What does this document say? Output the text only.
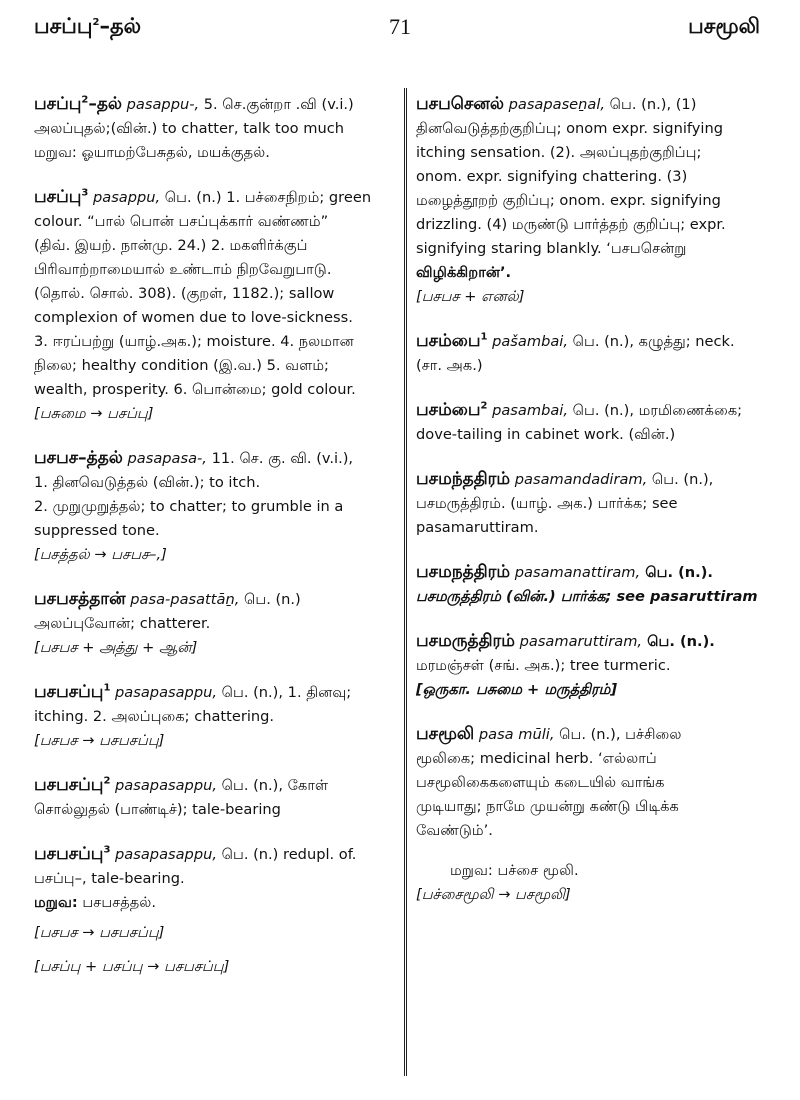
பசப்பு$^2$–தல்	71	பசமூலி

பசப்பு$^2$–தல் pasappu-, 5. செ.குன்றா .வி (v.i.)

அலப்புதல்;(வின்.) to chatter, talk too much

மறுவ: ஓயாமற்பேசுதல், மயக்குதல்.

பசப்பு$^3$ pasappu, பெ. (n.) 1. பச்சைநிறம்; green

colour. “பால் பொன் பசப்புக்கார் வண்ணம்”

(திவ். இயற். நான்மு. 24.) 2. மகளிர்க்குப்

பிரிவாற்றாமையால் உண்டாம் நிறவேறுபாடு.

(தொல். சொல். 308). (குறள், 1182.); sallow

complexion of women due to love-sickness.

3. ஈரப்பற்று (யாழ்.அக.); moisture. 4. நலமான

நிலை; healthy condition (இ.வ.) 5. வளம்;

wealth, prosperity. 6. பொன்மை; gold colour.

[பசுமை → பசப்பு]

பசபச–த்தல் pasapasa-, 11. செ. கு. வி. (v.i.),

1. தினவெடுத்தல் (வின்.); to itch.

2. முறுமுறுத்தல்; to chatter; to grumble in a

suppressed tone.

[பசத்தல் → பசபச–,]

பசபசத்தான் pasa-pasattāṉ, பெ. (n.)

அலப்புவோன்; chatterer.

[பசபச + அத்து + ஆன்]

பசபசப்பு$^1$ pasapasappu, பெ. (n.), 1. தினவு;

itching. 2. அலப்புகை; chattering.

[பசபச → பசபசப்பு]

பசபசப்பு$^2$ pasapasappu, பெ. (n.), கோள்

சொல்லுதல் (பாண்டிச்); tale-bearing

பசபசப்பு$^3$ pasapasappu, பெ. (n.) redupl. of.

பசப்பு–, tale-bearing.

மறுவ: பசபசத்தல்.

[பசபச → பசபசப்பு]

[பசப்பு + பசப்பு → பசபசப்பு]

பசபசெனல் pasapaseṉal, பெ. (n.), (1)

தினவெடுத்தற்குறிப்பு; onom expr. signifying

itching sensation. (2). அலப்புதற்குறிப்பு;

onom. expr. signifying chattering. (3)

மழைத்தூறற் குறிப்பு; onom. expr. signifying

drizzling. (4) மருண்டு பார்த்தற் குறிப்பு; expr.

signifying staring blankly. ‘பசபசென்று

விழிக்கிறான்’.

[பசபச + எனல்]

பசம்பை$^1$ pašambai, பெ. (n.), கழுத்து; neck.

(சா. அக.)

பசம்பை$^2$ pasambai, பெ. (n.), மரமிணைக்கை;

dove-tailing in cabinet work. (வின்.)

பசமந்ததிரம் pasamandadiram, பெ. (n.),

பசமருத்திரம். (யாழ். அக.) பார்க்க; see

pasamaruttiram.

பசமநத்திரம் pasamanattiram, பெ. (n.).

பசமருத்திரம் (வின்.) பார்க்க; see pasaruttiram

பசமருத்திரம் pasamaruttiram, பெ. (n.).

மரமஞ்சள் (சங். அக.); tree turmeric.

[ஒருகா. பசுமை + மருத்திரம்]

பசமூலி pasa mūli, பெ. (n.), பச்சிலை

மூலிகை; medicinal herb. ‘எல்லாப்

பசமூலிகைகளையும் கடையில் வாங்க

முடியாது; நாமே முயன்று கண்டு பிடிக்க

வேண்டும்’.

மறுவ: பச்சை மூலி.

[பச்சைமூலி → பசமூலி]
